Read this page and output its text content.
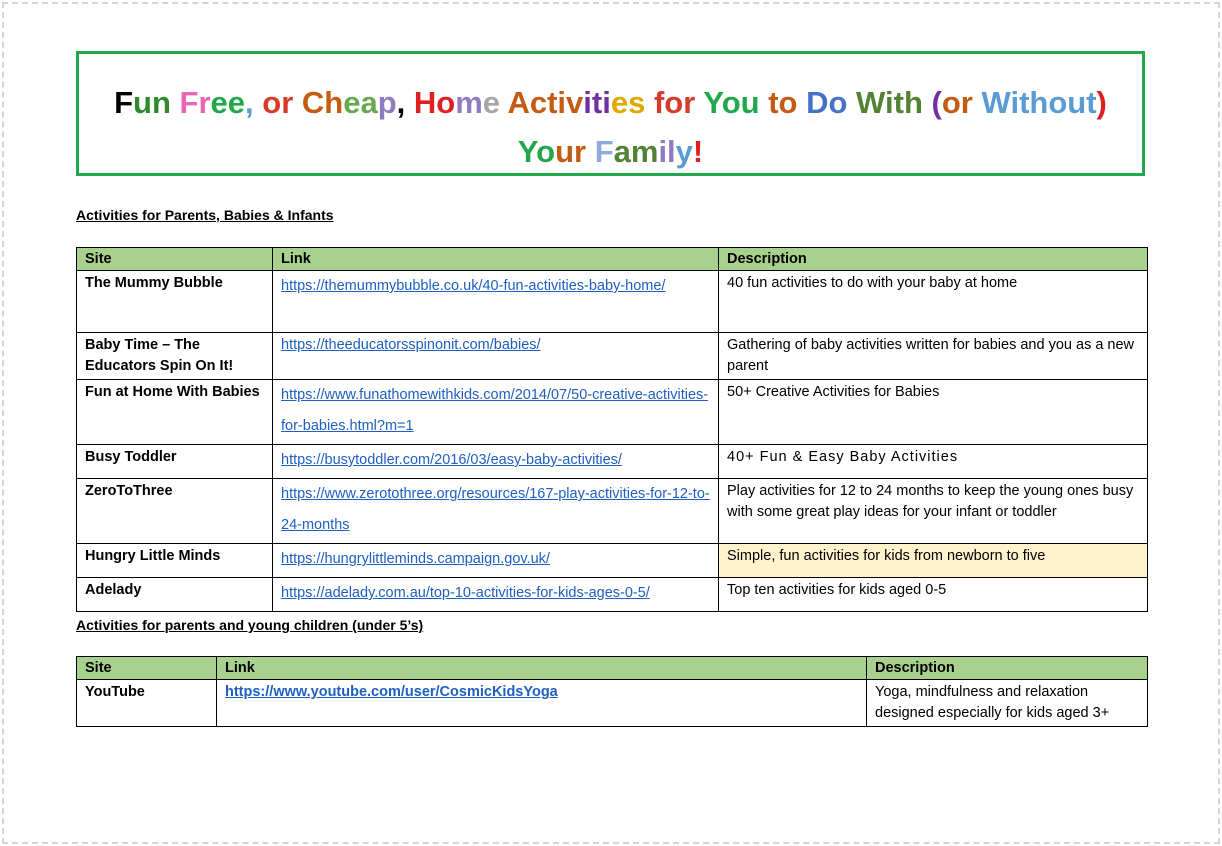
Fun Free, or Cheap, Home Activities for You to Do With (or Without)
Your Family!
Activities for Parents, Babies & Infants
Site	Link	Description
The Mummy Bubble	https://themummybubble.co.uk/40-fun-activities-baby-home/	40 fun activities to do with your baby at home
Baby Time – The Educators Spin On It!	https://theeducatorsspinonit.com/babies/	Gathering of baby activities written for babies and you as a new parent
Fun at Home With Babies	https://www.funathomewithkids.com/2014/07/50-creative-activities-for-babies.html?m=1	50+ Creative Activities for Babies
Busy Toddler	https://busytoddler.com/2016/03/easy-baby-activities/	40+ Fun & Easy Baby Activities
ZeroToThree	https://www.zerotothree.org/resources/167-play-activities-for-12-to-24-months	Play activities for 12 to 24 months to keep the young ones busy with some great play ideas for your infant or toddler
Hungry Little Minds	https://hungrylittleminds.campaign.gov.uk/	Simple, fun activities for kids from newborn to five
Adelady	https://adelady.com.au/top-10-activities-for-kids-ages-0-5/	Top ten activities for kids aged 0-5
Activities for parents and young children (under 5’s)
Site	Link	Description
YouTube	https://www.youtube.com/user/CosmicKidsYoga	Yoga, mindfulness and relaxation designed especially for kids aged 3+
